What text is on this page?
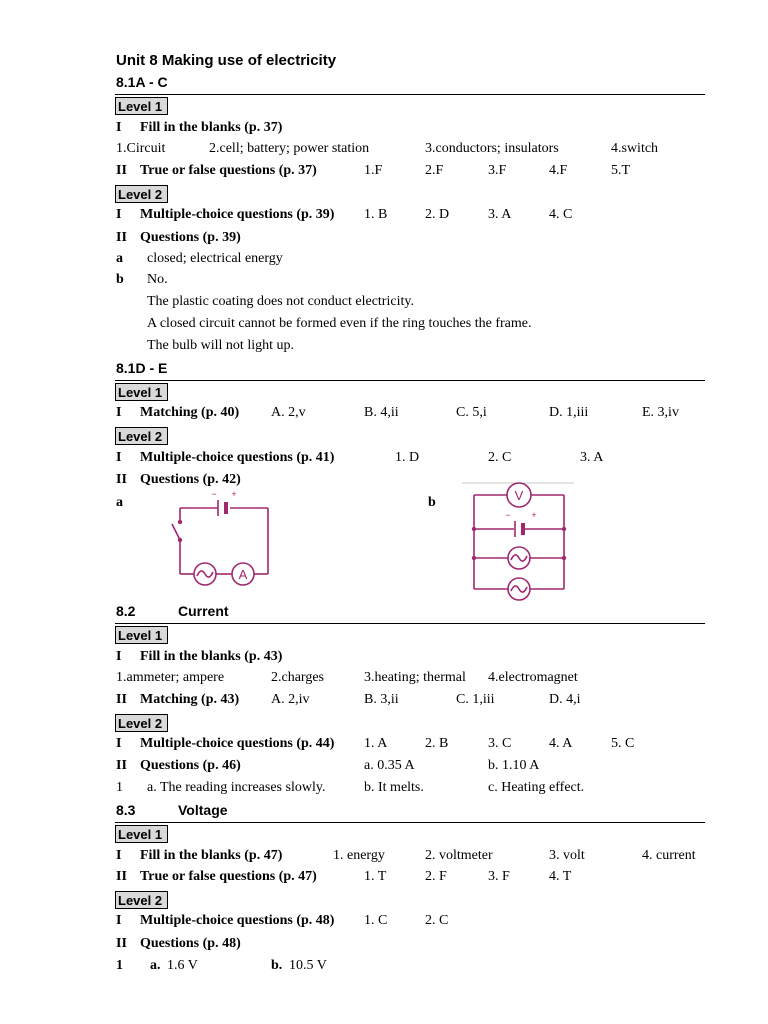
Unit 8 Making use of electricity
8.1A - C
Level 1
I Fill in the blanks (p. 37)
1.Circuit	2.cell; battery; power station	3.conductors; insulators	4.switch
II True or false questions (p. 37)	1.F	2.F	3.F	4.F	5.T
Level 2
I Multiple-choice questions (p. 39) 1. B	2. D	3. A	4. C
II Questions (p. 39)
a closed; electrical energy
b No.
The plastic coating does not conduct electricity.
A closed circuit cannot be formed even if the ring touches the frame.
The bulb will not light up.
8.1D - E
Level 1
I Matching (p. 40) A. 2,v	B. 4,ii	C. 5,i	D. 1,iii	E. 3,iv
Level 2
I Multiple-choice questions (p. 41)	1. D	2. C	3. A
II Questions (p. 42)
a	b
A
− +	V
− +
8.2	Current
Level 1
I Fill in the blanks (p. 43)
1.ammeter; ampere	2.charges	3.heating; thermal 4.electromagnet
II Matching (p. 43) A. 2,iv	B. 3,ii	C. 1,iii	D. 4,i
Level 2
I Multiple-choice questions (p. 44) 1. A	2. B	3. C	4. A	5. C
II Questions (p. 46)	a. 0.35 A	b. 1.10 A
1 a. The reading increases slowly.	b. It melts.	c. Heating effect.
8.3	Voltage
Level 1
I Fill in the blanks (p. 47)	1. energy	2. voltmeter	3. volt	4. current
II True or false questions (p. 47)	1. T	2. F	3. F	4. T
Level 2
I Multiple-choice questions (p. 48) 1. C	2. C
II Questions (p. 48)
1 a. 1.6 V	b. 10.5 V
